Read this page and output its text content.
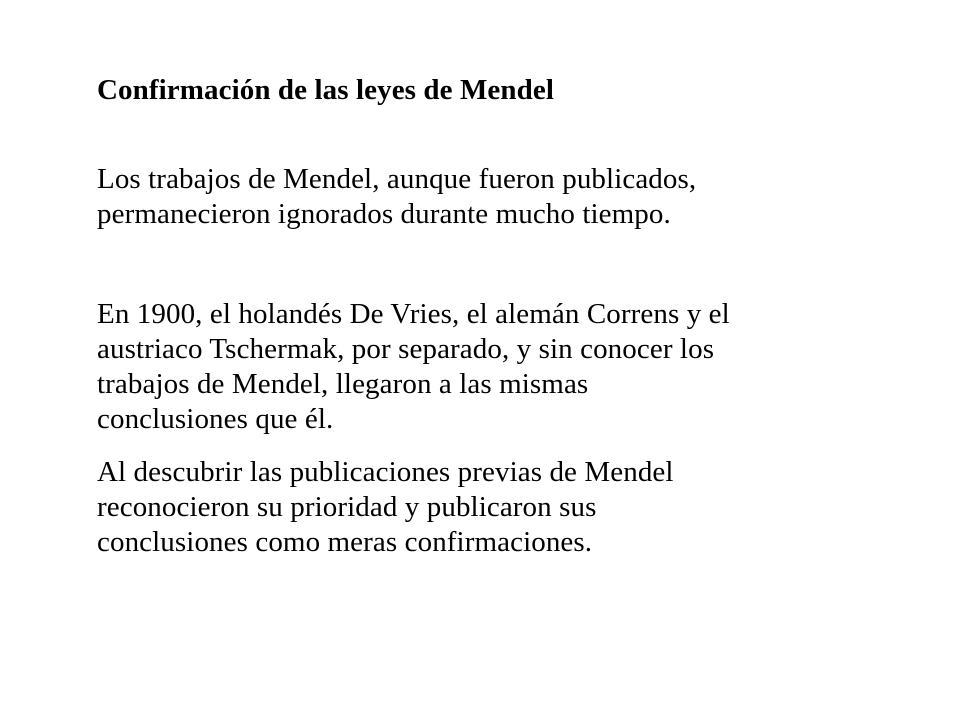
Confirmación de las leyes de Mendel
Los trabajos de Mendel, aunque fueron publicados,
permanecieron ignorados durante mucho tiempo.
En 1900, el holandés De Vries, el alemán Correns y el
austriaco Tschermak, por separado, y sin conocer los
trabajos de Mendel, llegaron a las mismas
conclusiones que él.
Al descubrir las publicaciones previas de Mendel
reconocieron su prioridad y publicaron sus
conclusiones como meras confirmaciones.
